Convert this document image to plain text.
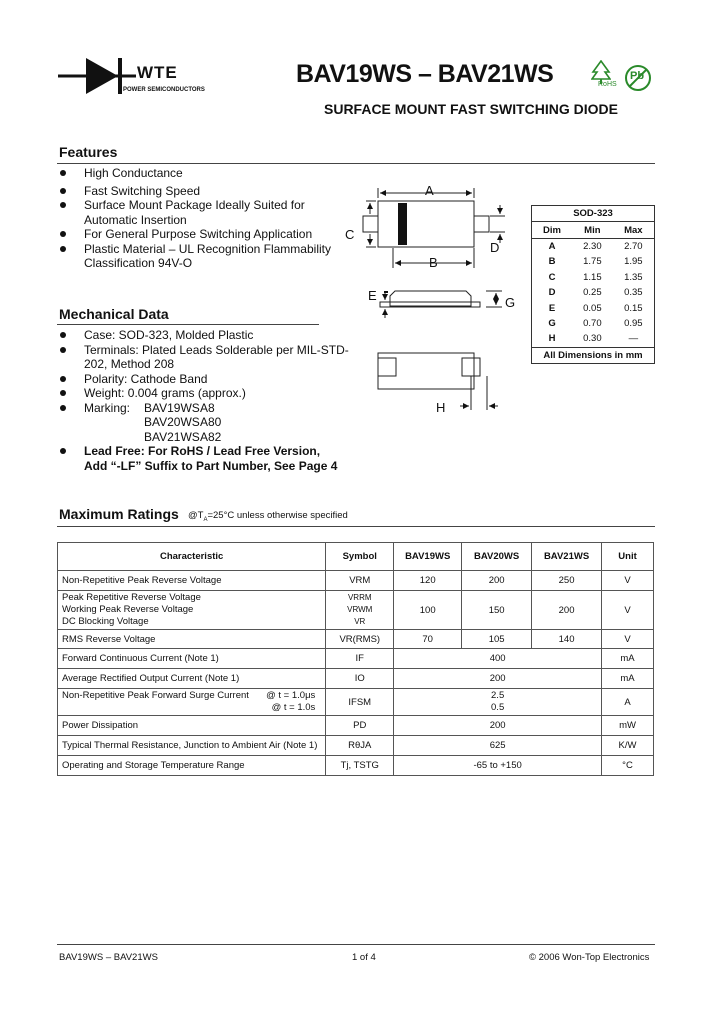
WTE
POWER SEMICONDUCTORS
BAV19WS – BAV21WS
SURFACE MOUNT FAST SWITCHING DIODE
RoHS
Pb
Features
High Conductance
Fast Switching Speed
Surface Mount Package Ideally Suited for Automatic Insertion
For General Purpose Switching Application
Plastic Material – UL Recognition Flammability Classification 94V-O
Mechanical Data
Case: SOD-323, Molded Plastic
Terminals: Plated Leads Solderable per MIL-STD-202, Method 208
Polarity: Cathode Band
Weight: 0.004 grams (approx.)
Marking: BAV19WSA8
BAV20WSA80
BAV21WSA82
Lead Free: For RoHS / Lead Free Version,
Add “-LF” Suffix to Part Number, See Page 4
A
C
D
B
E	G
H
SOD-323		
Dim	Min	Max
A	2.30	2.70
B	1.75	1.95
C	1.15	1.35
D	0.25	0.35
E	0.05	0.15
G	0.70	0.95
H	0.30	—
All Dimensions in mm		
Maximum Ratings $@T_A=25^\circ C$ unless otherwise specified
Characteristic	Symbol	BAV19WS	BAV20WS	BAV21WS	Unit
Non-Repetitive Peak Reverse Voltage	VRM	120	200	250	V
Peak Repetitive Reverse Voltage
Working Peak Reverse Voltage
DC Blocking Voltage	VRRM
VRWM
VR	100	150	200	V
RMS Reverse Voltage	VR(RMS)	70	105	140	V
Forward Continuous Current (Note 1)	IF	400			mA
Average Rectified Output Current (Note 1)	IO	200			mA
Non-Repetitive Peak Forward Surge Current @ t = 1.0μs
@ t = 1.0s	IFSM	2.5
0.5			A
Power Dissipation	PD	200			mW
Typical Thermal Resistance, Junction to Ambient Air (Note 1)	RθJA	625			K/W
Operating and Storage Temperature Range	Tj, TSTG	-65 to +150			°C
BAV19WS – BAV21WS	1 of 4	© 2006 Won-Top Electronics
